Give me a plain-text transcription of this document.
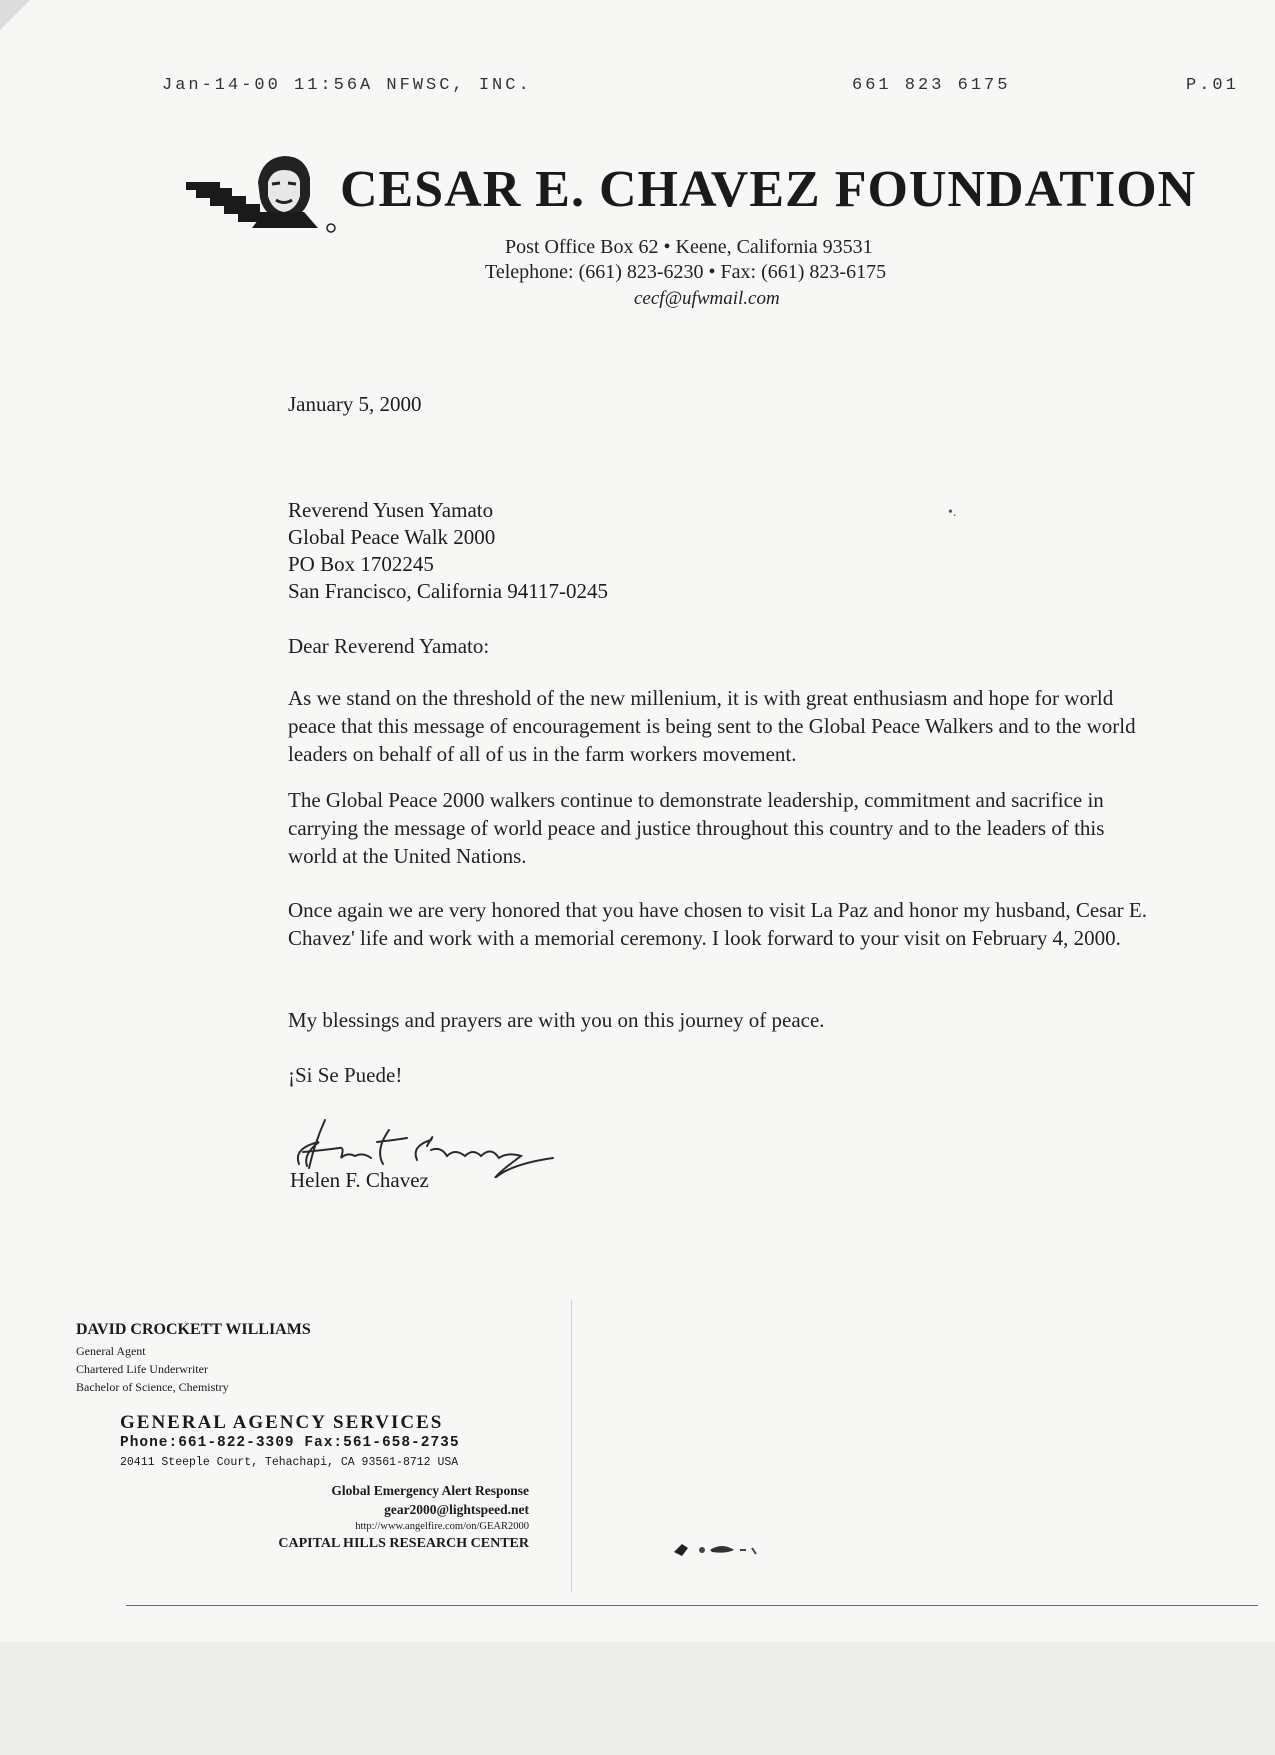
Jan-14-00 11:56A NFWSC, INC.	661 823 6175	P.01
CESAR E. CHAVEZ FOUNDATION
Post Office Box 62 • Keene, California 93531
Telephone: (661) 823-6230 • Fax: (661) 823-6175
cecf@ufwmail.com
January 5, 2000
Reverend Yusen Yamato
Global Peace Walk 2000
PO Box 1702245
San Francisco, California 94117-0245
•.
Dear Reverend Yamato:
As we stand on the threshold of the new millenium, it is with great enthusiasm and hope for world peace that this message of encouragement is being sent to the Global Peace Walkers and to the world leaders on behalf of all of us in the farm workers movement.
The Global Peace 2000 walkers continue to demonstrate leadership, commitment and sacrifice in carrying the message of world peace and justice throughout this country and to the leaders of this world at the United Nations.
Once again we are very honored that you have chosen to visit La Paz and honor my husband, Cesar E. Chavez' life and work with a memorial ceremony. I look forward to your visit on February 4, 2000.
My blessings and prayers are with you on this journey of peace.
¡Si Se Puede!
Helen F. Chavez
DAVID CROCKETT WILLIAMS
General Agent
Chartered Life Underwriter
Bachelor of Science, Chemistry
GENERAL AGENCY SERVICES
Phone:661-822-3309 Fax:561-658-2735
20411 Steeple Court, Tehachapi, CA 93561-8712 USA
Global Emergency Alert Response
gear2000@lightspeed.net
http://www.angelfire.com/on/GEAR2000
CAPITAL HILLS RESEARCH CENTER
